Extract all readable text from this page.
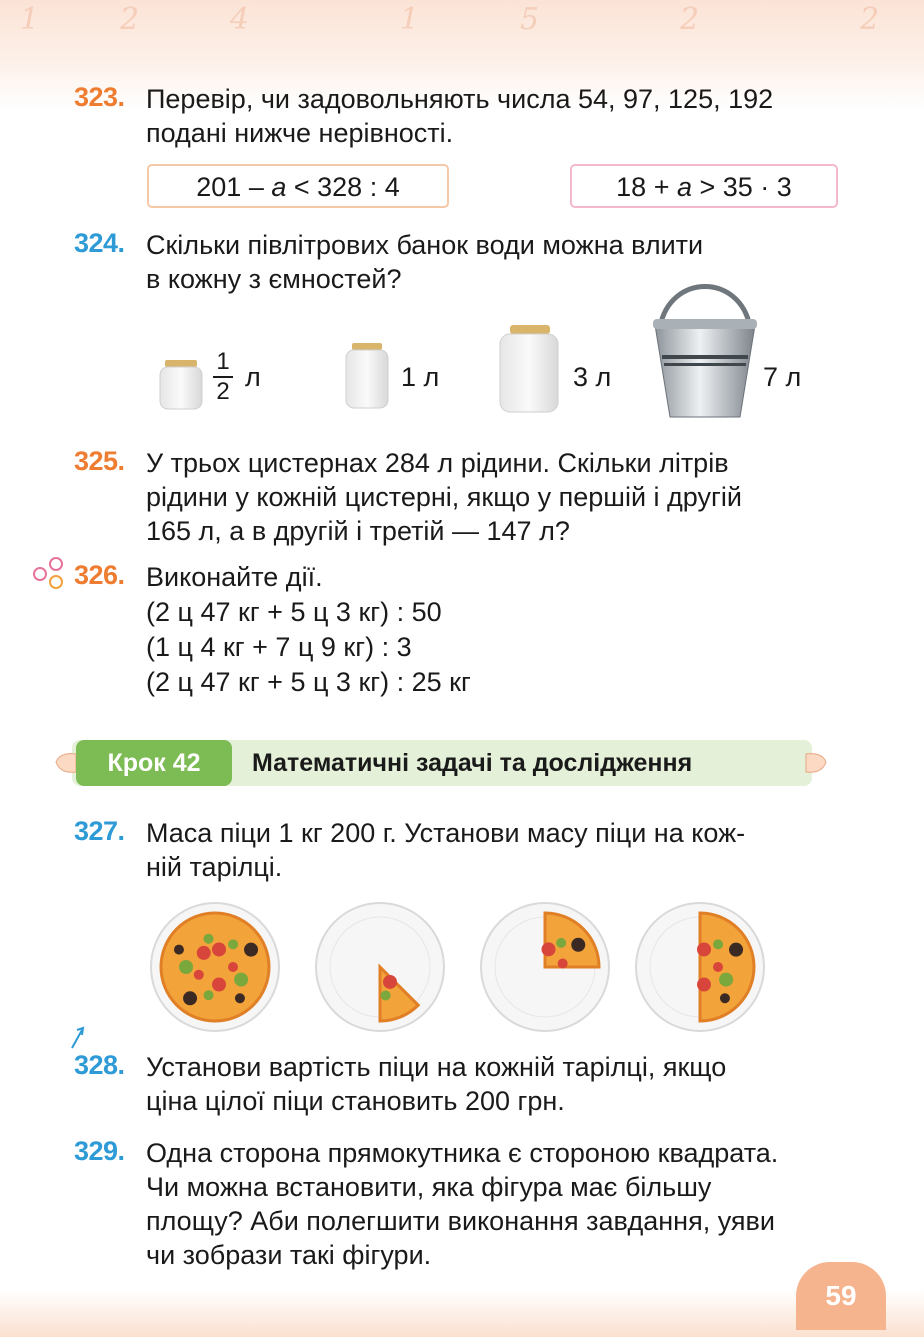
1	2	4	1	5	2	2
323. Перевір, чи задовольняють числа 54, 97, 125, 192
подані нижче нерівності.
201 – a < 328 : 4	18 + a > 35 · 3
324. Скільки півлітрових банок води можна влити
в кожну з ємностей?
1
2 л	1 л	3 л	7 л
325. У трьох цистернах 284 л рідини. Скільки літрів
рідини у кожній цистерні, якщо у першій і другій
165 л, а в другій і третій — 147 л?
326. Виконайте дії.
(2 ц 47 кг + 5 ц 3 кг) : 50
(1 ц 4 кг + 7 ц 9 кг) : 3
(2 ц 47 кг + 5 ц 3 кг) : 25 кг
Крок 42	Математичні задачі та дослідження
327. Маса піци 1 кг 200 г. Установи масу піци на кож-
ній тарілці.
328. Установи вартість піци на кожній тарілці, якщо
ціна цілої піци становить 200 грн.
329. Одна сторона прямокутника є стороною квадрата.
Чи можна встановити, яка фігура має більшу
площу? Аби полегшити виконання завдання, уяви
чи зобрази такі фігури.
59
